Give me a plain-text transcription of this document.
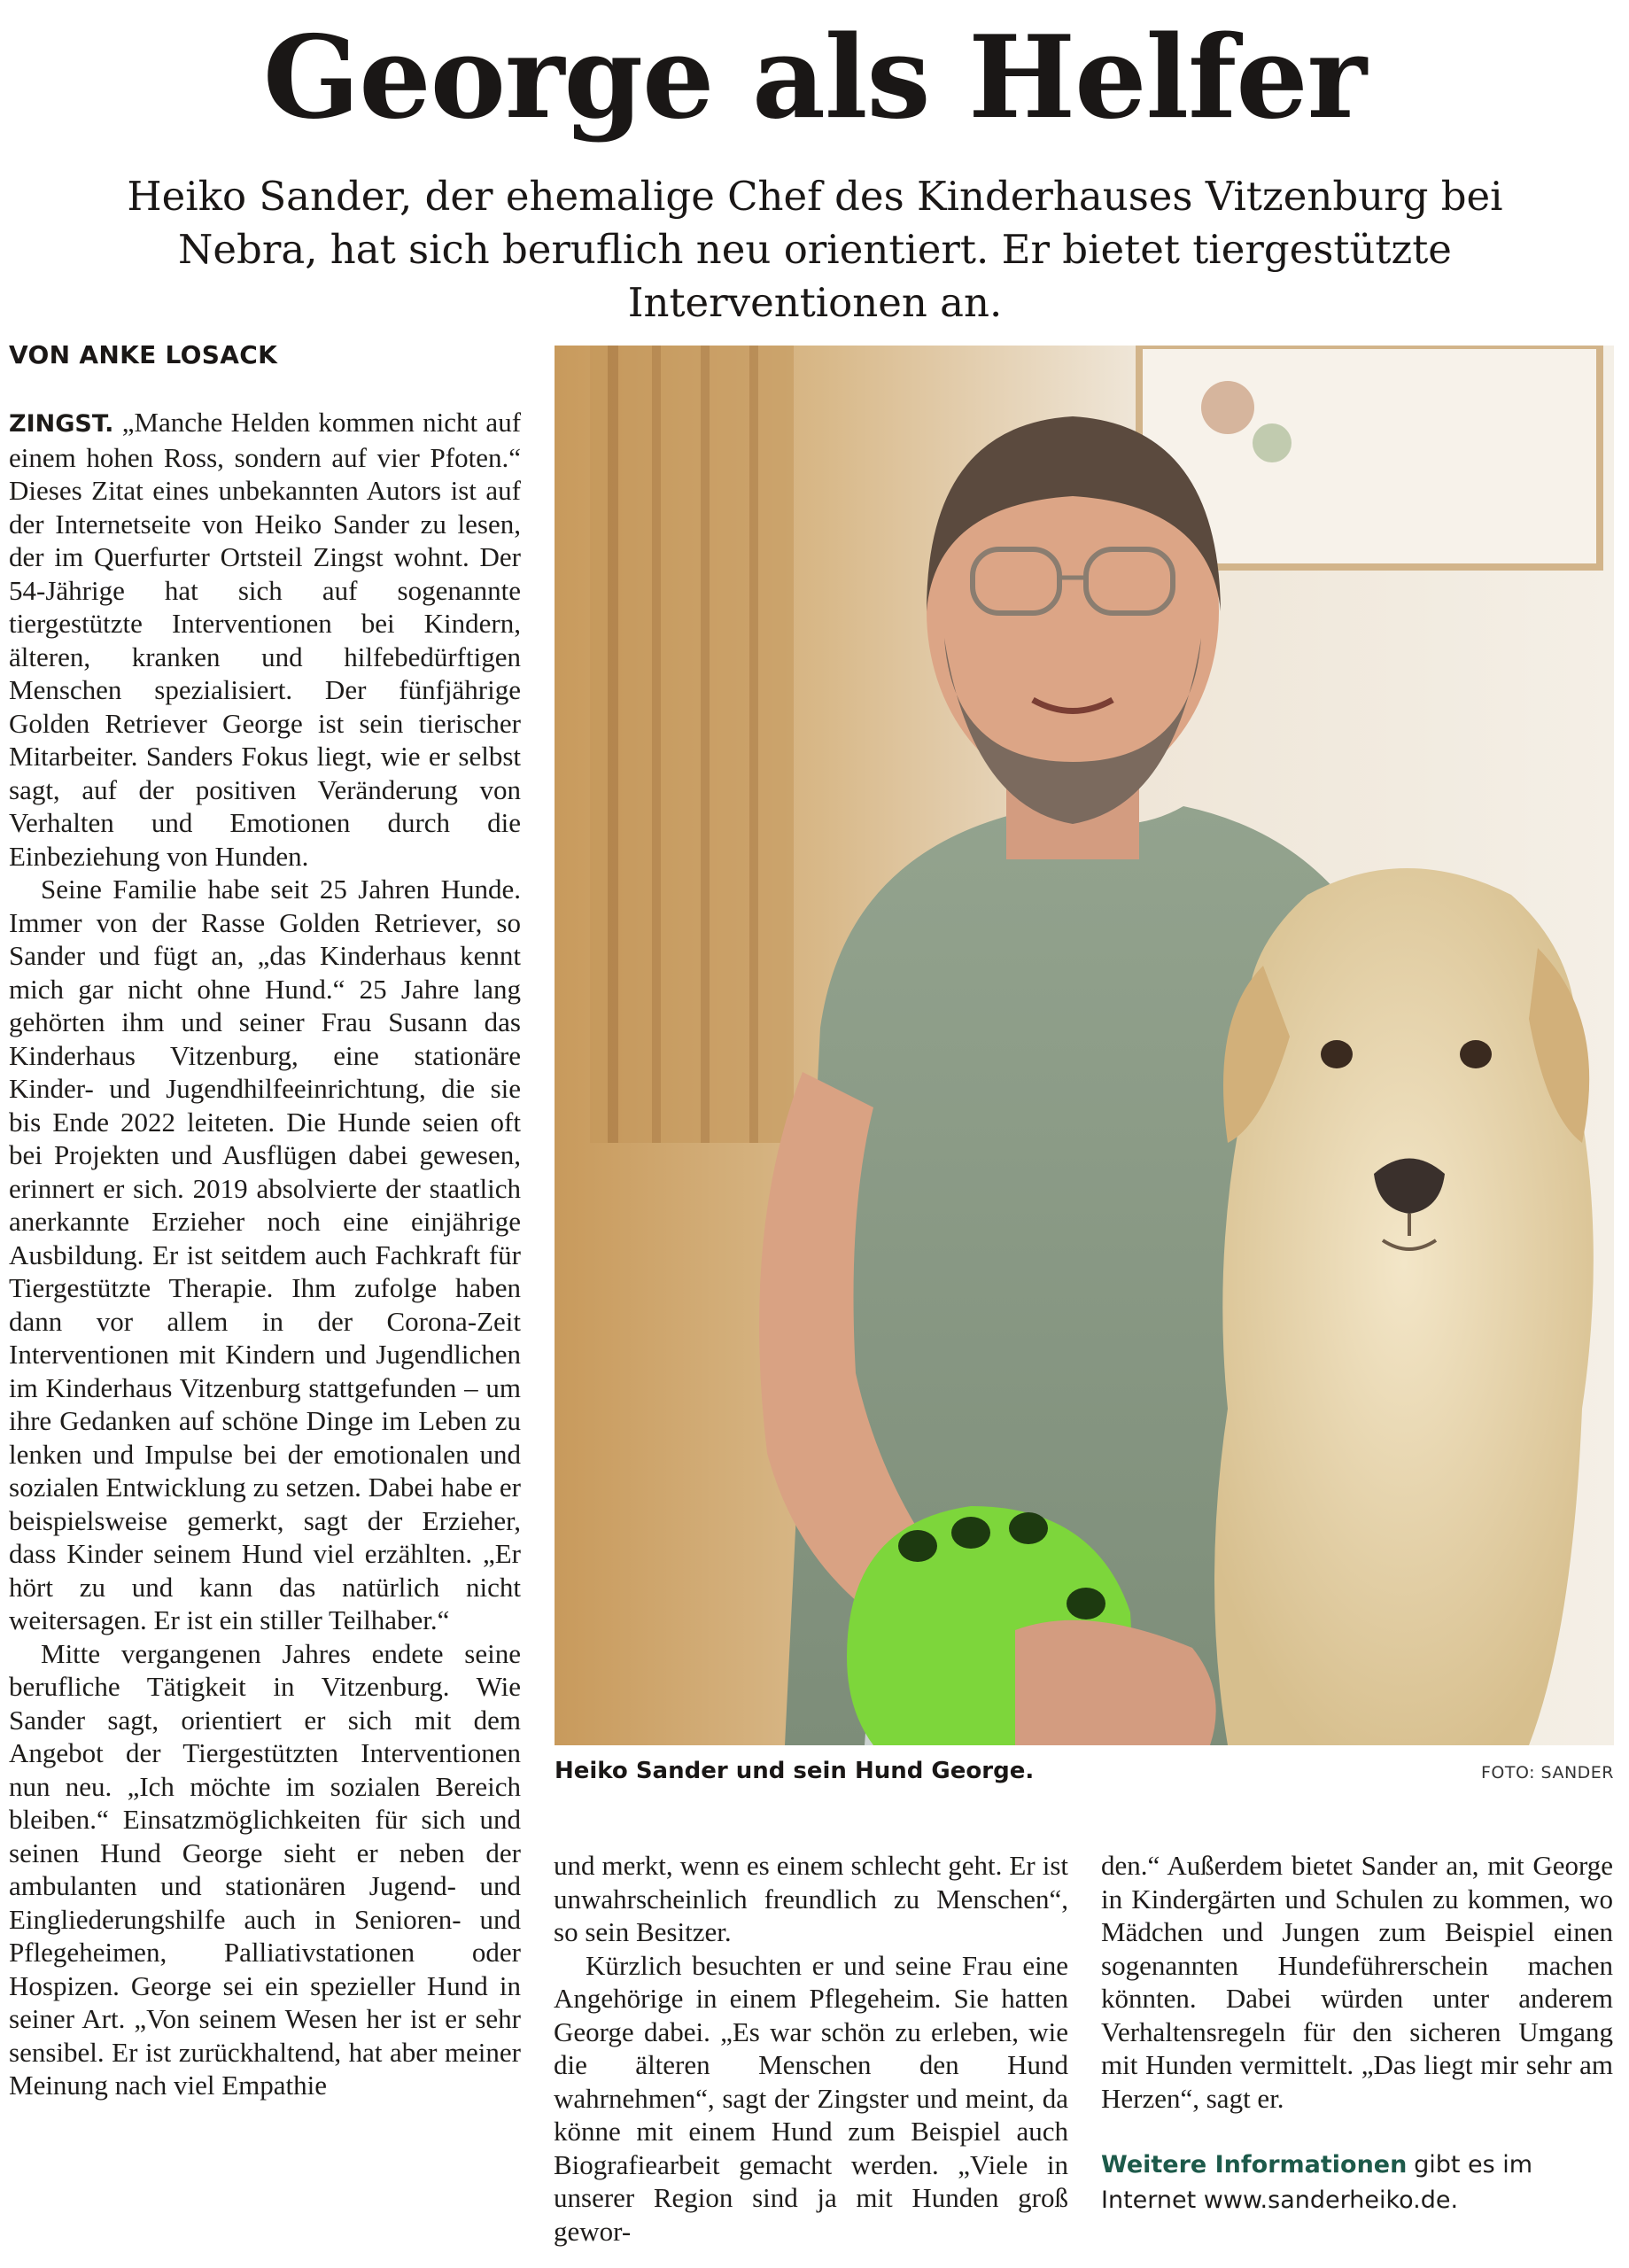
George als Helfer

Heiko Sander, der ehemalige Chef des Kinderhauses Vitzenburg bei Nebra, hat sich beruflich neu orientiert. Er bietet tiergestützte Interventionen an.

VON ANKE LOSACK

ZINGST. „Manche Helden kommen nicht auf einem hohen Ross, sondern auf vier Pfoten.“ Dieses Zitat eines unbekannten Autors ist auf der Internetseite von Heiko Sander zu lesen, der im Querfurter Ortsteil Zingst wohnt. Der 54-Jährige hat sich auf sogenannte tiergestützte Interventionen bei Kindern, älteren, kranken und hilfebedürftigen Menschen spezialisiert. Der fünfjährige Golden Retriever George ist sein tierischer Mitarbeiter. Sanders Fokus liegt, wie er selbst sagt, auf der positiven Veränderung von Verhalten und Emotionen durch die Einbeziehung von Hunden.

Seine Familie habe seit 25 Jahren Hunde. Immer von der Rasse Golden Retriever, so Sander und fügt an, „das Kinderhaus kennt mich gar nicht ohne Hund.“ 25 Jahre lang gehörten ihm und seiner Frau Susann das Kinderhaus Vitzenburg, eine stationäre Kinder- und Jugendhilfeeinrichtung, die sie bis Ende 2022 leiteten. Die Hunde seien oft bei Projekten und Ausflügen dabei gewesen, erinnert er sich. 2019 absolvierte der staatlich anerkannte Erzieher noch eine einjährige Ausbildung. Er ist seitdem auch Fachkraft für Tiergestützte Therapie. Ihm zufolge haben dann vor allem in der Corona-Zeit Interventionen mit Kindern und Jugendlichen im Kinderhaus Vitzenburg stattgefunden – um ihre Gedanken auf schöne Dinge im Leben zu lenken und Impulse bei der emotionalen und sozialen Entwicklung zu setzen. Dabei habe er beispielsweise gemerkt, sagt der Erzieher, dass Kinder seinem Hund viel erzählten. „Er hört zu und kann das natürlich nicht weitersagen. Er ist ein stiller Teilhaber.“

Mitte vergangenen Jahres endete seine berufliche Tätigkeit in Vitzenburg. Wie Sander sagt, orientiert er sich mit dem Angebot der Tiergestützten Interventionen nun neu. „Ich möchte im sozialen Bereich bleiben.“ Einsatzmöglichkeiten für sich und seinen Hund George sieht er neben der ambulanten und stationären Jugend- und Eingliederungshilfe auch in Senioren- und Pflegeheimen, Palliativstationen oder Hospizen. George sei ein spezieller Hund in seiner Art. „Von seinem Wesen her ist er sehr sensibel. Er ist zurückhaltend, hat aber meiner Meinung nach viel Empathie

Heiko Sander und sein Hund George.	FOTO: SANDER

und merkt, wenn es einem schlecht geht. Er ist unwahrscheinlich freundlich zu Menschen“, so sein Besitzer.

Kürzlich besuchten er und seine Frau eine Angehörige in einem Pflegeheim. Sie hatten George dabei. „Es war schön zu erleben, wie die älteren Menschen den Hund wahrnehmen“, sagt der Zingster und meint, da könne mit einem Hund zum Beispiel auch Biografiearbeit gemacht werden. „Viele in unserer Region sind ja mit Hunden groß gewor-

den.“ Außerdem bietet Sander an, mit George in Kindergärten und Schulen zu kommen, wo Mädchen und Jungen zum Beispiel einen sogenannten Hundeführerschein machen könnten. Dabei würden unter anderem Verhaltensregeln für den sicheren Umgang mit Hunden vermittelt. „Das liegt mir sehr am Herzen“, sagt er.

Weitere Informationen gibt es im Internet www.sanderheiko.de.
